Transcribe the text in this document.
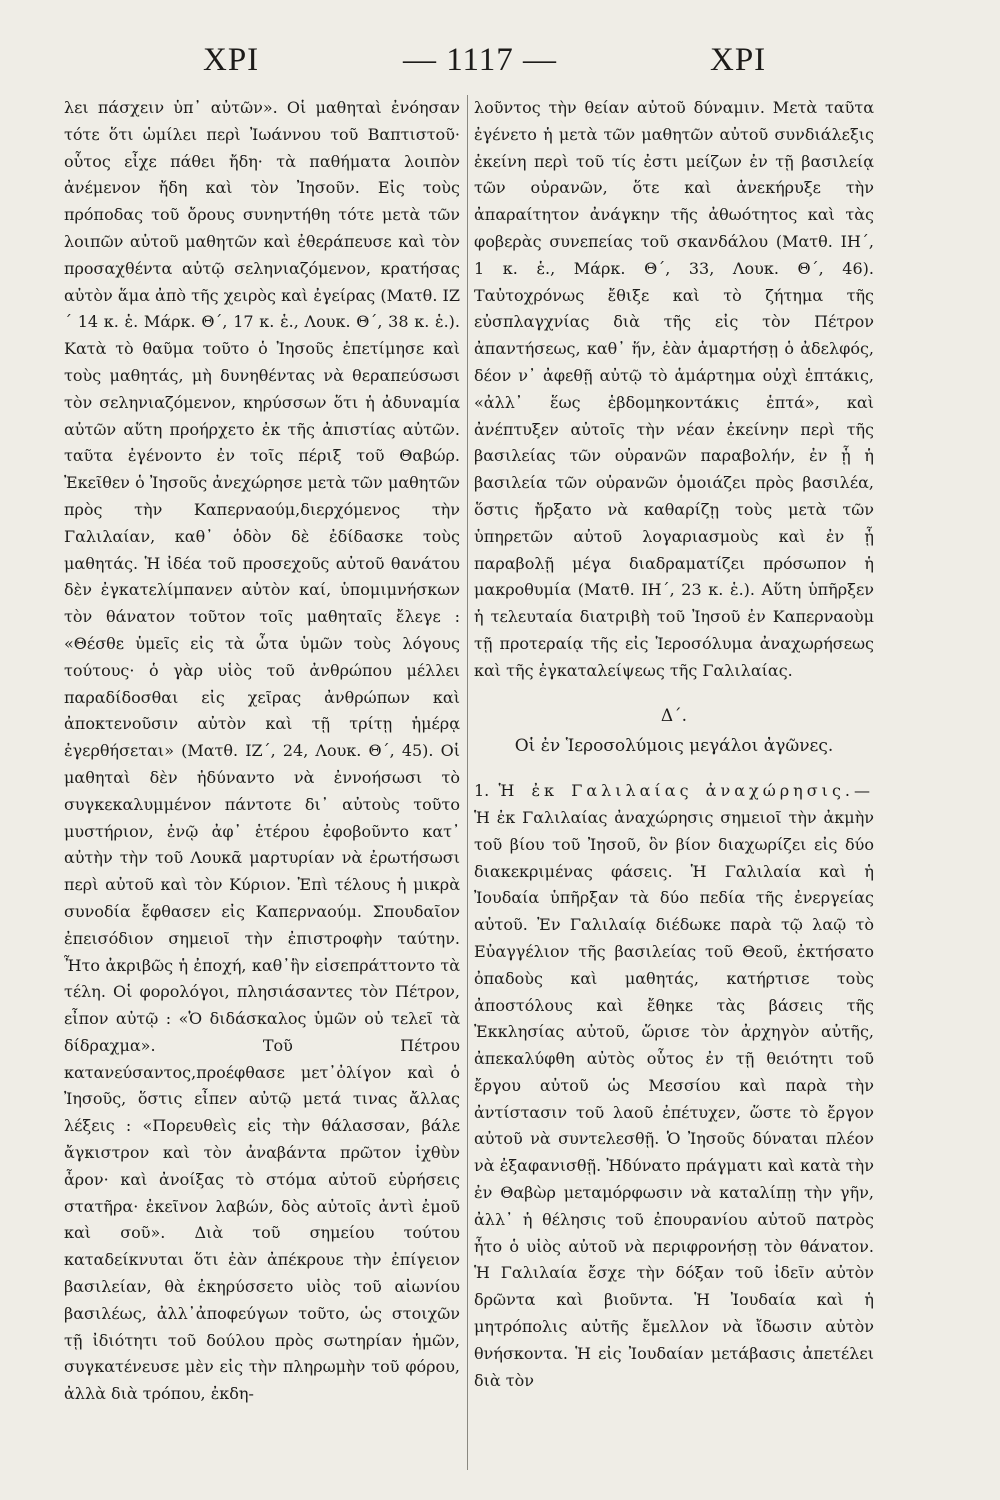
XPI	— 1117 —	XPI

λει πάσχειν ὑπ᾿ αὐτῶν». Οἱ μαθηταὶ ἐνόησαν τότε ὅτι ὡμίλει περὶ Ἰωάννου τοῦ Βαπτιστοῦ· οὗτος εἶχε πάθει ἤδη· τὰ παθήματα λοιπὸν ἀνέμενον ἤδη καὶ τὸν Ἰησοῦν. Εἰς τοὺς πρόποδας τοῦ ὄρους συνηντήθη τότε μετὰ τῶν λοιπῶν αὐτοῦ μαθητῶν καὶ ἐθεράπευσε καὶ τὸν προσαχθέντα αὐτῷ σεληνιαζόμενον, κρατήσας αὐτὸν ἅμα ἀπὸ τῆς χειρὸς καὶ ἐγείρας (Ματθ. ΙΖ´ 14 κ. ἑ. Μάρκ. Θ´, 17 κ. ἑ., Λουκ. Θ´, 38 κ. ἑ.). Κατὰ τὸ θαῦμα τοῦτο ὁ Ἰησοῦς ἐπετίμησε καὶ τοὺς μαθητάς, μὴ δυνηθέντας νὰ θεραπεύσωσι τὸν σεληνιαζόμενον, κηρύσσων ὅτι ἡ ἀδυναμία αὐτῶν αὕτη προήρχετο ἐκ τῆς ἀπιστίας αὐτῶν. ταῦτα ἐγένοντο ἐν τοῖς πέριξ τοῦ Θαβώρ. Ἐκεῖθεν ὁ Ἰησοῦς ἀνεχώρησε μετὰ τῶν μαθητῶν πρὸς τὴν Καπερναούμ,διερχόμενος τὴν Γαλιλαίαν, καθ᾿ ὁδὸν δὲ ἐδίδασκε τοὺς μαθητάς. Ἡ ἰδέα τοῦ προσεχοῦς αὐτοῦ θανάτου δὲν ἐγκατελίμπανεν αὐτὸν καί, ὑπομιμνήσκων τὸν θάνατον τοῦτον τοῖς μαθηταῖς ἔλεγε : «Θέσθε ὑμεῖς εἰς τὰ ὦτα ὑμῶν τοὺς λόγους τούτους· ὁ γὰρ υἱὸς τοῦ ἀνθρώπου μέλλει παραδίδοσθαι εἰς χεῖρας ἀνθρώπων καὶ ἀποκτενοῦσιν αὐτὸν καὶ τῇ τρίτῃ ἡμέρᾳ ἐγερθήσεται» (Ματθ. ΙΖ´, 24, Λουκ. Θ´, 45). Οἱ μαθηταὶ δὲν ἠδύναντο νὰ ἐννοήσωσι τὸ συγκεκαλυμμένον πάντοτε δι᾿ αὐτοὺς τοῦτο μυστήριον, ἐνῷ ἀφ᾿ ἑτέρου ἐφοβοῦντο κατ᾿ αὐτὴν τὴν τοῦ Λουκᾶ μαρτυρίαν νὰ ἐρωτήσωσι περὶ αὐτοῦ καὶ τὸν Κύριον. Ἐπὶ τέλους ἡ μικρὰ συνοδία ἔφθασεν εἰς Καπερναούμ. Σπουδαῖον ἐπεισόδιον σημειοῖ τὴν ἐπιστροφὴν ταύτην. Ἦτο ἀκριβῶς ἡ ἐποχή, καθ᾿ἣν εἰσεπράττοντο τὰ τέλη. Οἱ φορολόγοι, πλησιάσαντες τὸν Πέτρον, εἶπον αὐτῷ : «Ὁ διδάσκαλος ὑμῶν οὐ τελεῖ τὰ δίδραχμα». Τοῦ Πέτρου κατανεύσαντος,προέφθασε μετ᾿ὀλίγον καὶ ὁ Ἰησοῦς, ὅστις εἶπεν αὐτῷ μετά τινας ἄλλας λέξεις : «Πορευθεὶς εἰς τὴν θάλασσαν, βάλε ἄγκιστρον καὶ τὸν ἀναβάντα πρῶτον ἰχθὺν ἆρον· καὶ ἀνοίξας τὸ στόμα αὐτοῦ εὑρήσεις στατῆρα· ἐκεῖνον λαβών, δὸς αὐτοῖς ἀντὶ ἐμοῦ καὶ σοῦ». Διὰ τοῦ σημείου τούτου καταδείκνυται ὅτι ἐὰν ἀπέκρουε τὴν ἐπίγειον βασιλείαν, θὰ ἐκηρύσσετο υἱὸς τοῦ αἰωνίου βασιλέως, ἀλλ᾿ἀποφεύγων τοῦτο, ὡς στοιχῶν τῇ ἰδιότητι τοῦ δούλου πρὸς σωτηρίαν ἡμῶν, συγκατένευσε μὲν εἰς τὴν πληρωμὴν τοῦ φόρου, ἀλλὰ διὰ τρόπου, ἐκδη-

λοῦντος τὴν θείαν αὐτοῦ δύναμιν. Μετὰ ταῦτα ἐγένετο ἡ μετὰ τῶν μαθητῶν αὐτοῦ συνδιάλεξις ἐκείνη περὶ τοῦ τίς ἐστι μείζων ἐν τῇ βασιλείᾳ τῶν οὐρανῶν, ὅτε καὶ ἀνεκήρυξε τὴν ἀπαραίτητον ἀνάγκην τῆς ἀθωότητος καὶ τὰς φοβερὰς συνεπείας τοῦ σκανδάλου (Ματθ. ΙΗ´, 1 κ. ἑ., Μάρκ. Θ´, 33, Λουκ. Θ´, 46). Ταὐτοχρόνως ἔθιξε καὶ τὸ ζήτημα τῆς εὐσπλαγχνίας διὰ τῆς εἰς τὸν Πέτρον ἀπαντήσεως, καθ᾿ ἥν, ἐὰν ἁμαρτήσῃ ὁ ἀδελφός, δέον ν᾿ ἀφεθῇ αὐτῷ τὸ ἁμάρτημα οὐχὶ ἑπτάκις, «ἀλλ᾿ ἕως ἑβδομηκοντάκις ἑπτά», καὶ ἀνέπτυξεν αὐτοῖς τὴν νέαν ἐκείνην περὶ τῆς βασιλείας τῶν οὐρανῶν παραβολήν, ἐν ᾗ ἡ βασιλεία τῶν οὐρανῶν ὁμοιάζει πρὸς βασιλέα, ὅστις ἤρξατο νὰ καθαρίζῃ τοὺς μετὰ τῶν ὑπηρετῶν αὐτοῦ λογαριασμοὺς καὶ ἐν ᾗ παραβολῇ μέγα διαδραματίζει πρόσωπον ἡ μακροθυμία (Ματθ. ΙΗ´, 23 κ. ἑ.). Αὕτη ὑπῆρξεν ἡ τελευταία διατριβὴ τοῦ Ἰησοῦ ἐν Καπερναοὺμ τῇ προτεραίᾳ τῆς εἰς Ἱεροσόλυμα ἀναχωρήσεως καὶ τῆς ἐγκαταλείψεως τῆς Γαλιλαίας.

Δ´.
Οἱ ἐν Ἱεροσολύμοις μεγάλοι ἀγῶνες.

1. Ἡ ἐκ Γαλιλαίας ἀναχώρησις.— Ἡ ἐκ Γαλιλαίας ἀναχώρησις σημειοῖ τὴν ἀκμὴν τοῦ βίου τοῦ Ἰησοῦ, ὃν βίον διαχωρίζει εἰς δύο διακεκριμένας φάσεις. Ἡ Γαλιλαία καὶ ἡ Ἰουδαία ὑπῆρξαν τὰ δύο πεδία τῆς ἐνεργείας αὐτοῦ. Ἐν Γαλιλαίᾳ διέδωκε παρὰ τῷ λαῷ τὸ Εὐαγγέλιον τῆς βασιλείας τοῦ Θεοῦ, ἐκτήσατο ὀπαδοὺς καὶ μαθητάς, κατήρτισε τοὺς ἀποστόλους καὶ ἔθηκε τὰς βάσεις τῆς Ἐκκλησίας αὐτοῦ, ὥρισε τὸν ἀρχηγὸν αὐτῆς, ἀπεκαλύφθη αὐτὸς οὗτος ἐν τῇ θειότητι τοῦ ἔργου αὐτοῦ ὡς Μεσσίου καὶ παρὰ τὴν ἀντίστασιν τοῦ λαοῦ ἐπέτυχεν, ὥστε τὸ ἔργον αὐτοῦ νὰ συντελεσθῇ. Ὁ Ἰησοῦς δύναται πλέον νὰ ἐξαφανισθῇ. Ἠδύνατο πράγματι καὶ κατὰ τὴν ἐν Θαβὼρ μεταμόρφωσιν νὰ καταλίπῃ τὴν γῆν, ἀλλ᾿ ἡ θέλησις τοῦ ἐπουρανίου αὐτοῦ πατρὸς ἦτο ὁ υἱὸς αὐτοῦ νὰ περιφρονήσῃ τὸν θάνατον. Ἡ Γαλιλαία ἔσχε τὴν δόξαν τοῦ ἰδεῖν αὐτὸν δρῶντα καὶ βιοῦντα. Ἡ Ἰουδαία καὶ ἡ μητρόπολις αὐτῆς ἔμελλον νὰ ἴδωσιν αὐτὸν θνήσκοντα. Ἡ εἰς Ἰουδαίαν μετάβασις ἀπετέλει διὰ τὸν
